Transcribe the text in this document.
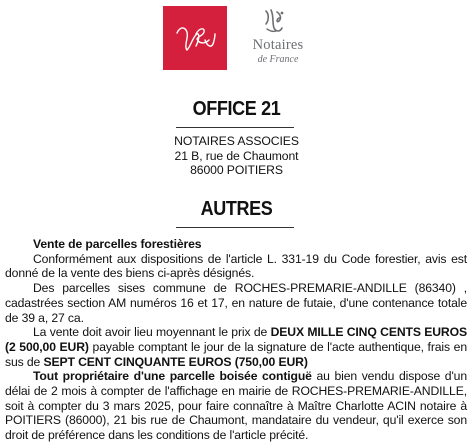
Notaires
de France
OFFICE 21
NOTAIRES ASSOCIES
21 B, rue de Chaumont
86000 POITIERS
AUTRES

Vente de parcelles forestières

Conformément aux dispositions de l'article L. 331-19 du Code forestier, avis est donné de la vente des biens ci-après désignés.

Des parcelles sises commune de ROCHES-PREMARIE-ANDILLE (86340) , cadastrées section AM numéros 16 et 17, en nature de futaie, d'une contenance totale de 39 a, 27 ca.

La vente doit avoir lieu moyennant le prix de DEUX MILLE CINQ CENTS EUROS (2 500,00 EUR) payable comptant le jour de la signature de l'acte authentique, frais en sus de SEPT CENT CINQUANTE EUROS (750,00 EUR)

Tout propriétaire d'une parcelle boisée contiguë au bien vendu dispose d'un délai de 2 mois à compter de l'affichage en mairie de ROCHES-PREMARIE-ANDILLE, soit à compter du 3 mars 2025, pour faire connaître à Maître Charlotte ACIN notaire à POITIERS (86000), 21 bis rue de Chaumont, mandataire du vendeur, qu'il exerce son droit de préférence dans les conditions de l'article précité.
